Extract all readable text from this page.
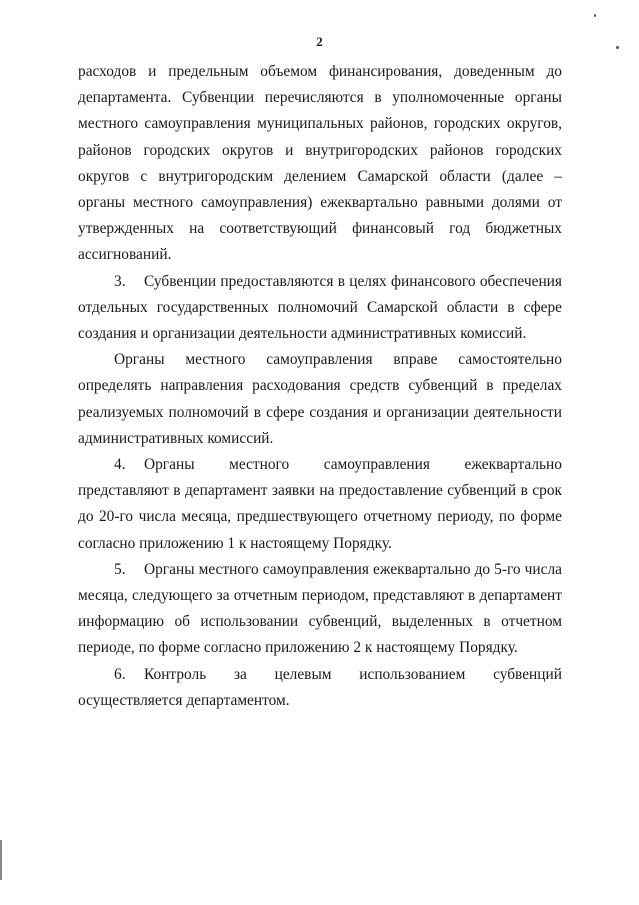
2

расходов и предельным объемом финансирования, доведенным до департамента. Субвенции перечисляются в уполномоченные органы местного самоуправления муниципальных районов, городских округов, районов городских округов и внутригородских районов городских округов с внутригородским делением Самарской области (далее – органы местного самоуправления) ежеквартально равными долями от утвержденных на соответствующий финансовый год бюджетных ассигнований.

3. Субвенции предоставляются в целях финансового обеспечения отдельных государственных полномочий Самарской области в сфере создания и организации деятельности административных комиссий.

Органы местного самоуправления вправе самостоятельно определять направления расходования средств субвенций в пределах реализуемых полномочий в сфере создания и организации деятельности административных комиссий.

4. Органы местного самоуправления ежеквартально представляют в департамент заявки на предоставление субвенций в срок до 20-го числа месяца, предшествующего отчетному периоду, по форме согласно приложению 1 к настоящему Порядку.

5. Органы местного самоуправления ежеквартально до 5-го числа месяца, следующего за отчетным периодом, представляют в департамент информацию об использовании субвенций, выделенных в отчетном периоде, по форме согласно приложению 2 к настоящему Порядку.

6. Контроль за целевым использованием субвенций осуществляется департаментом.
